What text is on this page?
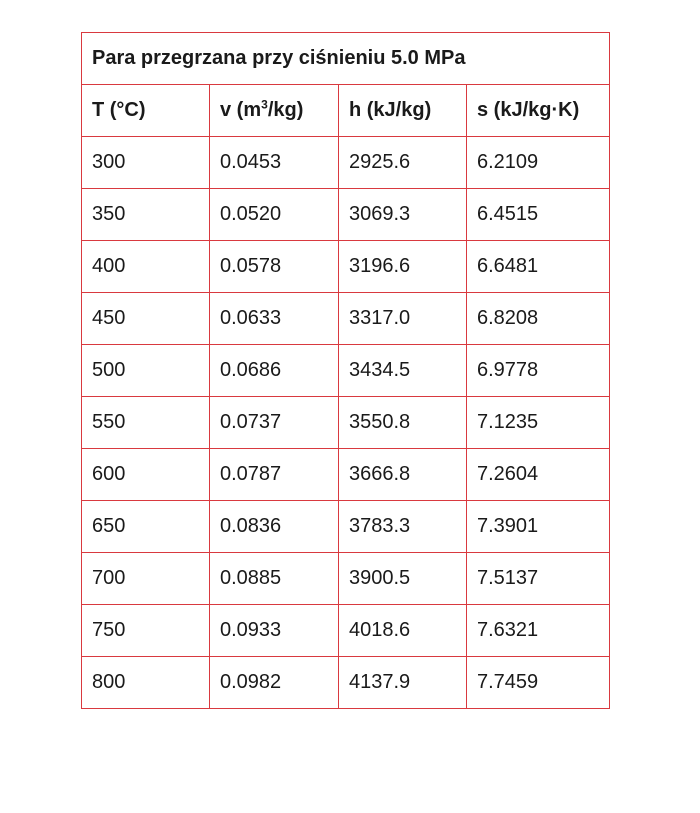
Para przegrzana przy ciśnieniu 5.0 MPa			
T (°C)	v $(m^3/kg)$	h (kJ/kg)	s (kJ/kg·K)
300	0.0453	2925.6	6.2109
350	0.0520	3069.3	6.4515
400	0.0578	3196.6	6.6481
450	0.0633	3317.0	6.8208
500	0.0686	3434.5	6.9778
550	0.0737	3550.8	7.1235
600	0.0787	3666.8	7.2604
650	0.0836	3783.3	7.3901
700	0.0885	3900.5	7.5137
750	0.0933	4018.6	7.6321
800	0.0982	4137.9	7.7459
